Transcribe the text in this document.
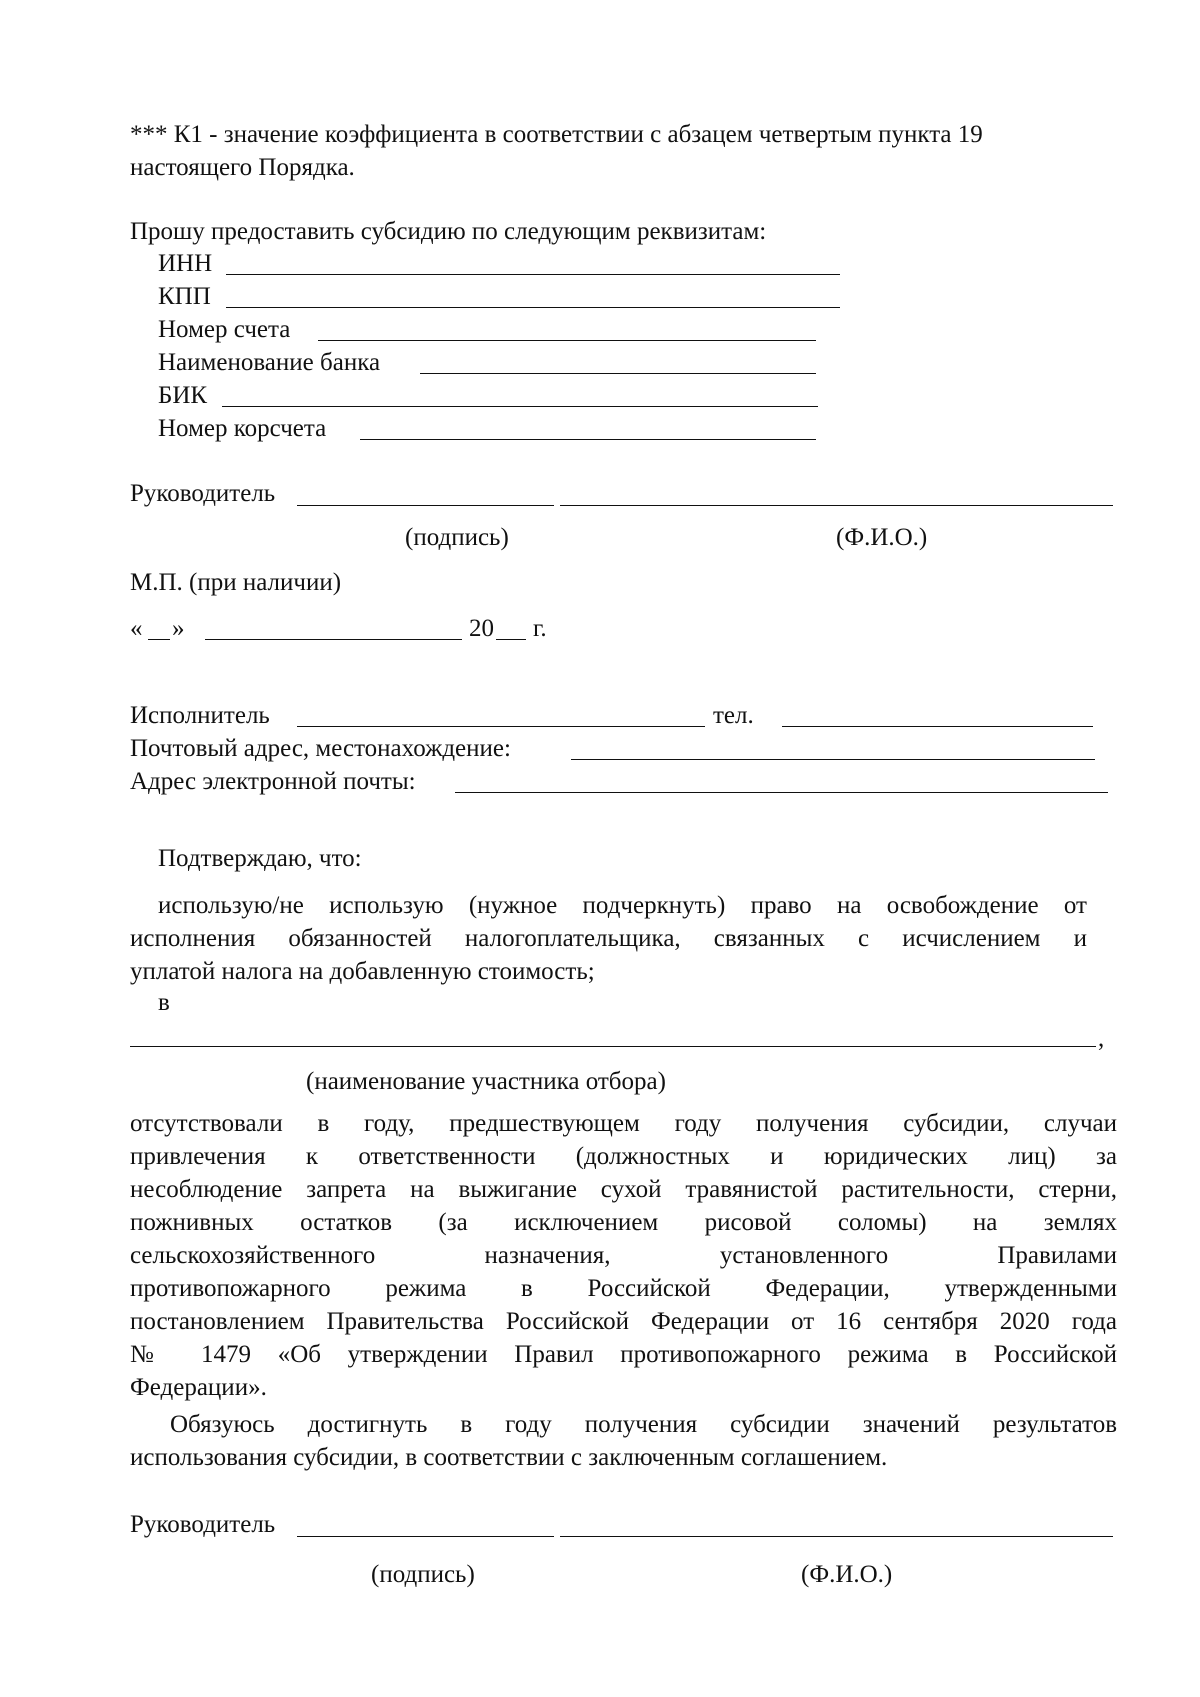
*** К1 - значение коэффициента в соответствии с абзацем четвертым пункта 19
настоящего Порядка.
Прошу предоставить субсидию по следующим реквизитам:
ИНН
КПП
Номер счета
Наименование банка
БИК
Номер корсчета
Руководитель
(подпись)	(Ф.И.О.)
М.П. (при наличии)
« »	20 г.
Исполнитель	тел.
Почтовый адрес, местонахождение:
Адрес электронной почты:
Подтверждаю, что:
использую/не использую (нужное подчеркнуть) право на освобождение от
исполнения обязанностей налогоплательщика, связанных с исчислением и
уплатой налога на добавленную стоимость;
в
,
(наименование участника отбора)
отсутствовали в году, предшествующем году получения субсидии, случаи
привлечения к ответственности (должностных и юридических лиц) за
несоблюдение запрета на выжигание сухой травянистой растительности, стерни,
пожнивных остатков (за исключением рисовой соломы) на землях
сельскохозяйственного назначения, установленного Правилами
противопожарного режима в Российской Федерации, утвержденными
постановлением Правительства Российской Федерации от 16 сентября 2020 года
№ 1479 «Об утверждении Правил противопожарного режима в Российской
Федерации».
Обязуюсь достигнуть в году получения субсидии значений результатов
использования субсидии, в соответствии с заключенным соглашением.
Руководитель
(подпись)	(Ф.И.О.)
